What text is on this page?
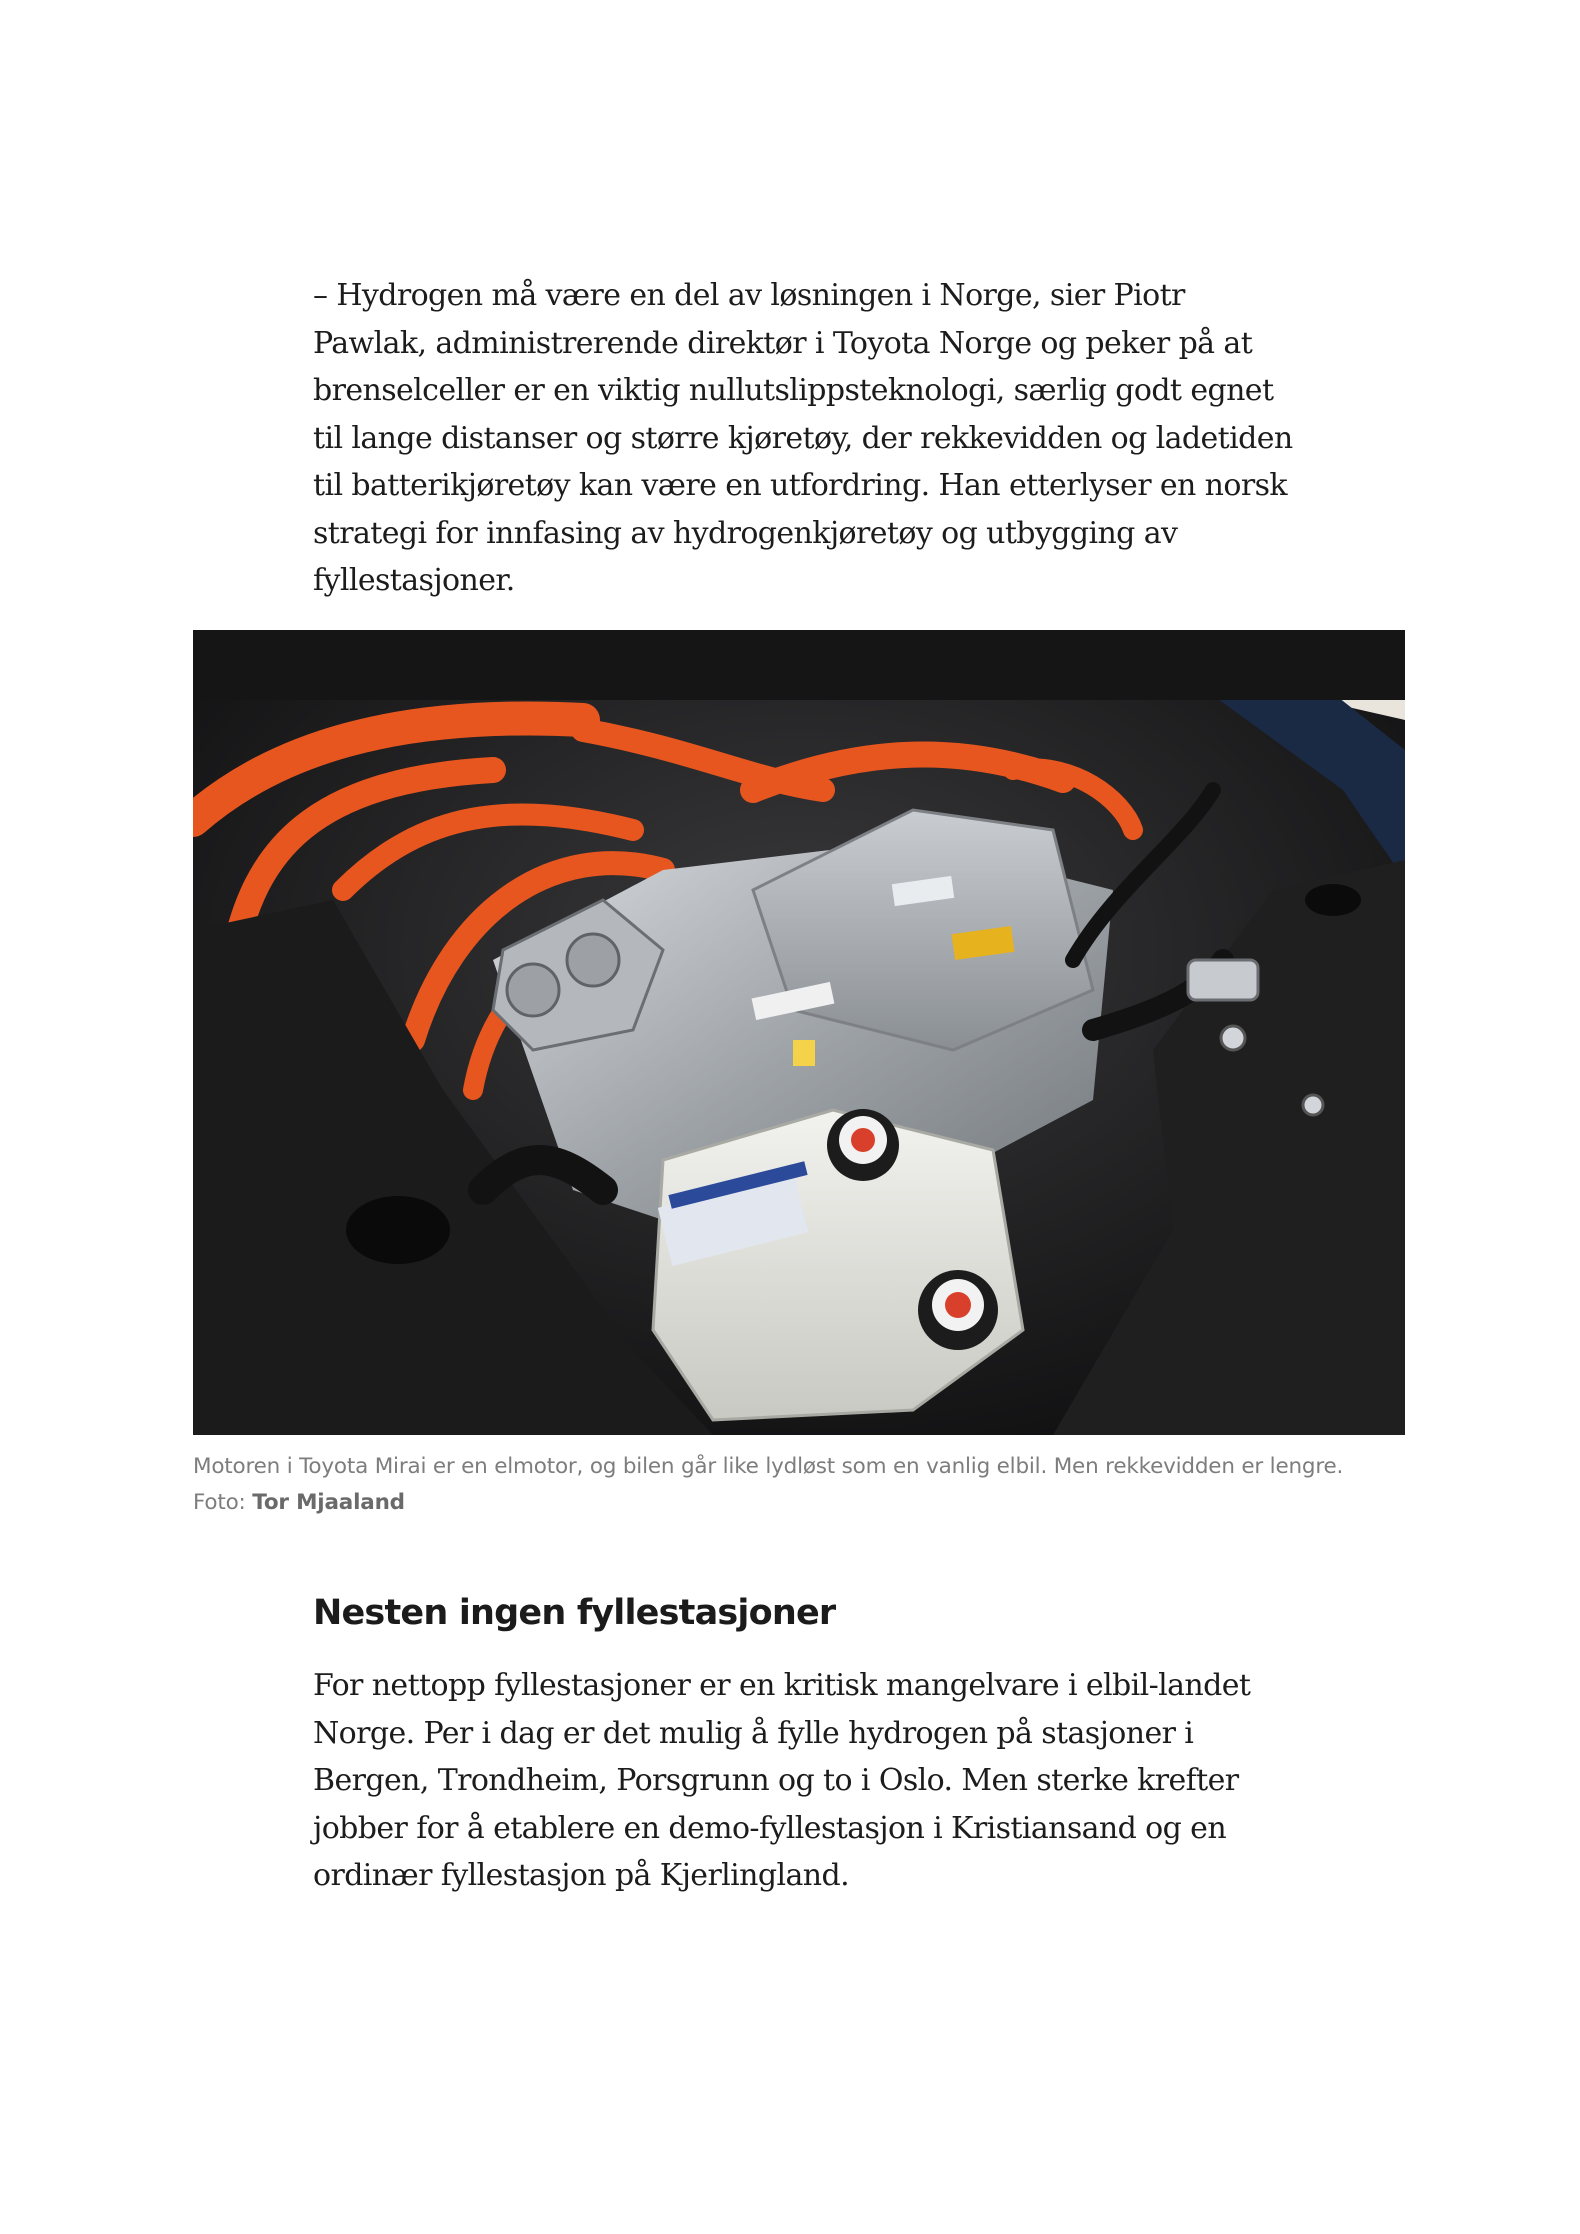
– Hydrogen må være en del av løsningen i Norge, sier Piotr Pawlak, administrerende direktør i Toyota Norge og peker på at brenselceller er en viktig nullutslippsteknologi, særlig godt egnet til lange distanser og større kjøretøy, der rekkevidden og ladetiden til batterikjøretøy kan være en utfordring. Han etterlyser en norsk strategi for innfasing av hydrogenkjøretøy og utbygging av fyllestasjoner.

Motoren i Toyota Mirai er en elmotor, og bilen går like lydløst som en vanlig elbil. Men rekkevidden er lengre.
Foto: Tor Mjaaland
Nesten ingen fyllestasjoner

For nettopp fyllestasjoner er en kritisk mangelvare i elbil-landet Norge. Per i dag er det mulig å fylle hydrogen på stasjoner i Bergen, Trondheim, Porsgrunn og to i Oslo. Men sterke krefter jobber for å etablere en demo-fyllestasjon i Kristiansand og en ordinær fyllestasjon på Kjerlingland.
